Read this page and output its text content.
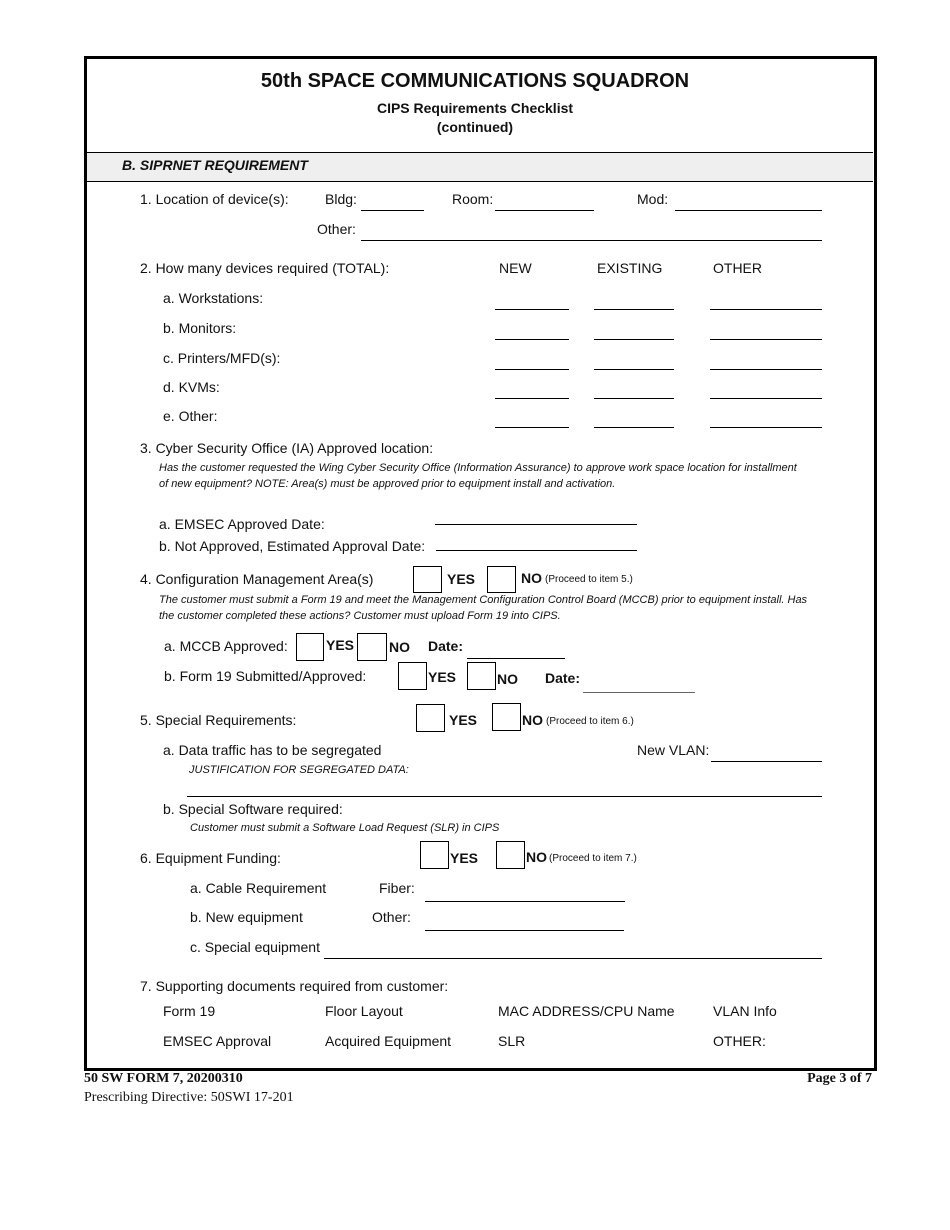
50th SPACE COMMUNICATIONS SQUADRON
CIPS Requirements Checklist
(continued)
B. SIPRNET REQUIREMENT
1. Location of device(s):	Bldg:	Room:	Mod:
Other:
2. How many devices required (TOTAL):	NEW	EXISTING	OTHER
a. Workstations:
b. Monitors:
c. Printers/MFD(s):
d. KVMs:
e. Other:
3. Cyber Security Office (IA) Approved location:
Has the customer requested the Wing Cyber Security Office (Information Assurance) to approve work space location for installment of new equipment? NOTE: Area(s) must be approved prior to equipment install and activation.
a. EMSEC Approved Date:
b. Not Approved, Estimated Approval Date:
4. Configuration Management Area(s)	YES	NO (Proceed to item 5.)
The customer must submit a Form 19 and meet the Management Configuration Control Board (MCCB) prior to equipment install. Has the customer completed these actions? Customer must upload Form 19 into CIPS.
a. MCCB Approved:	YES NO Date:
b. Form 19 Submitted/Approved:	YES	NO Date:
5. Special Requirements:	YES	NO (Proceed to item 6.)
a. Data traffic has to be segregated	New VLAN:
JUSTIFICATION FOR SEGREGATED DATA:
b. Special Software required:
Customer must submit a Software Load Request (SLR) in CIPS
6. Equipment Funding:	YES	NO (Proceed to item 7.)
a. Cable Requirement	Fiber:
b. New equipment	Other:
c. Special equipment
7. Supporting documents required from customer:
Form 19	Floor Layout	MAC ADDRESS/CPU Name	VLAN Info
EMSEC Approval	Acquired Equipment	SLR	OTHER:
50 SW FORM 7, 20200310
Prescribing Directive: 50SWI 17-201
Page 3 of 7
